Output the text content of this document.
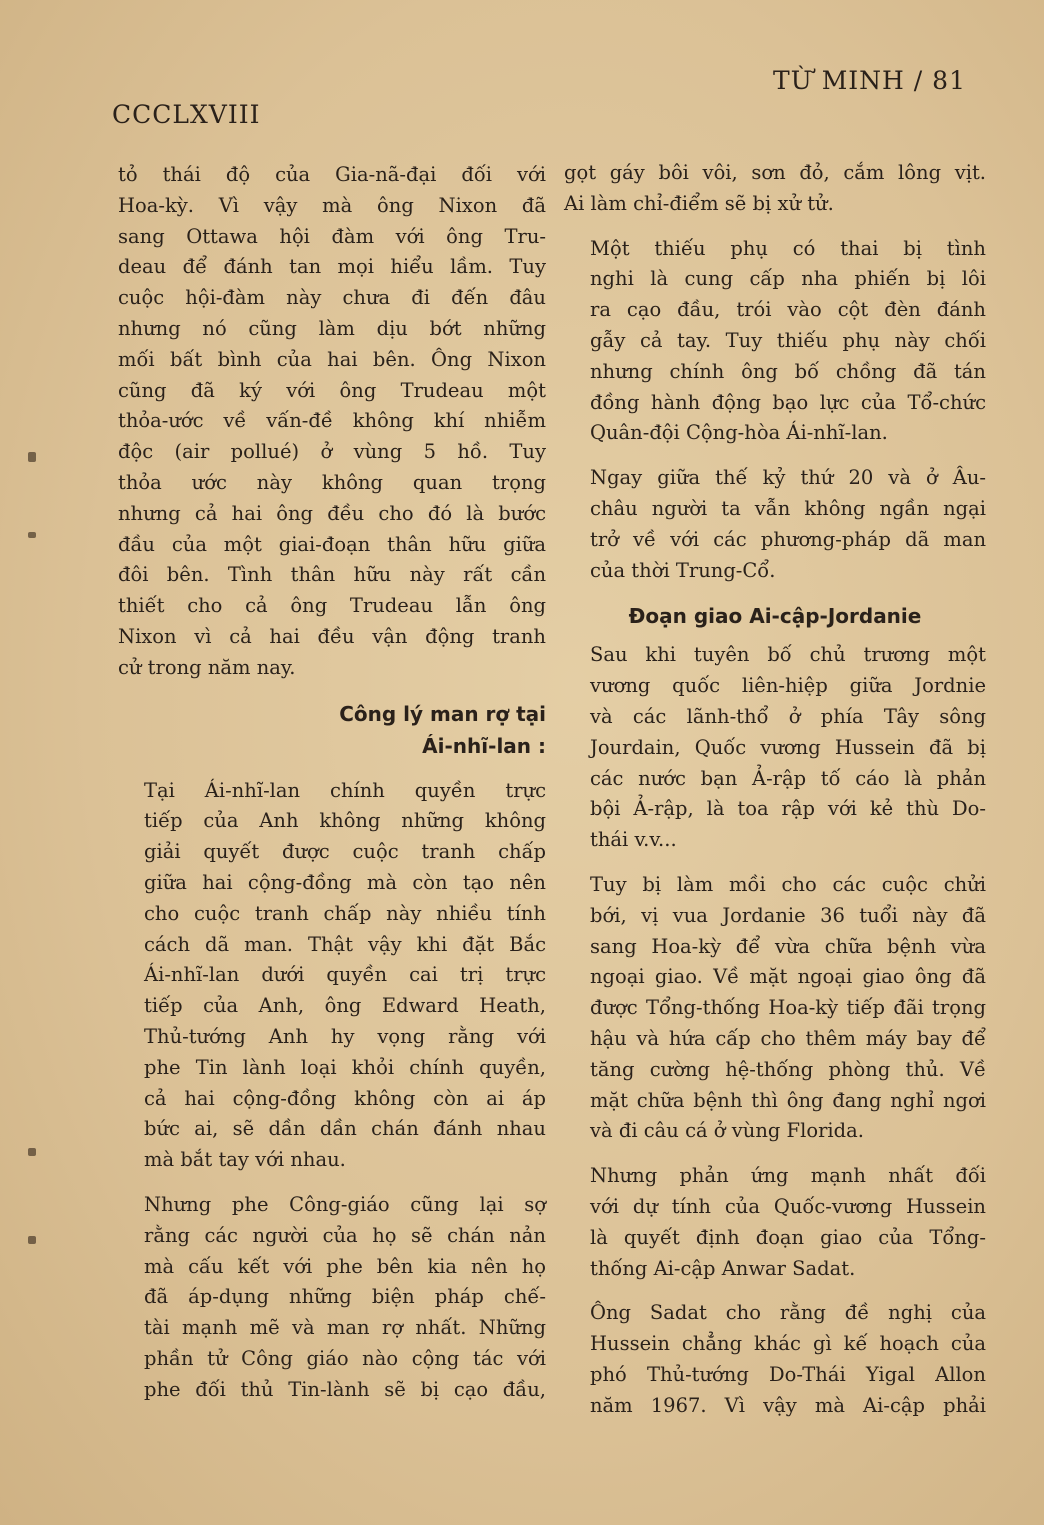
CCCLXVIII
TỪ MINH / 81

tỏ thái độ của Gia-nã-đại đối với
Hoa-kỳ. Vì vậy mà ông Nixon đã
sang Ottawa hội đàm với ông Tru-
deau để đánh tan mọi hiểu lầm. Tuy
cuộc hội-đàm này chưa đi đến đâu
nhưng nó cũng làm dịu bớt những
mối bất bình của hai bên. Ông Nixon
cũng đã ký với ông Trudeau một
thỏa-ước về vấn-đề không khí nhiễm
độc (air pollué) ở vùng 5 hồ. Tuy
thỏa ước này không quan trọng
nhưng cả hai ông đều cho đó là bước
đầu của một giai-đoạn thân hữu giữa
đôi bên. Tình thân hữu này rất cần
thiết cho cả ông Trudeau lẫn ông
Nixon vì cả hai đều vận động tranh
cử trong năm nay.

Công lý man rợ tại
Ái-nhĩ-lan :

Tại Ái-nhĩ-lan chính quyền trực
tiếp của Anh không những không
giải quyết được cuộc tranh chấp
giữa hai cộng-đồng mà còn tạo nên
cho cuộc tranh chấp này nhiều tính
cách dã man. Thật vậy khi đặt Bắc
Ái-nhĩ-lan dưới quyền cai trị trực
tiếp của Anh, ông Edward Heath,
Thủ-tướng Anh hy vọng rằng với
phe Tin lành loại khỏi chính quyền,
cả hai cộng-đồng không còn ai áp
bức ai, sẽ dần dần chán đánh nhau
mà bắt tay với nhau.

Nhưng phe Công-giáo cũng lại sợ
rằng các người của họ sẽ chán nản
mà cấu kết với phe bên kia nên họ
đã áp-dụng những biện pháp chế-
tài mạnh mẽ và man rợ nhất. Những
phần tử Công giáo nào cộng tác với
phe đối thủ Tin-lành sẽ bị cạo đầu,

gọt gáy bôi vôi, sơn đỏ, cắm lông vịt.
Ai làm chỉ-điểm sẽ bị xử tử.

Một thiếu phụ có thai bị tình
nghi là cung cấp nha phiến bị lôi
ra cạo đầu, trói vào cột đèn đánh
gẫy cả tay. Tuy thiếu phụ này chối
nhưng chính ông bố chồng đã tán
đồng hành động bạo lực của Tổ-chức
Quân-đội Cộng-hòa Ái-nhĩ-lan.

Ngay giữa thế kỷ thứ 20 và ở Âu-
châu người ta vẫn không ngần ngại
trở về với các phương-pháp dã man
của thời Trung-Cổ.

Đoạn giao Ai-cập-Jordanie

Sau khi tuyên bố chủ trương một
vương quốc liên-hiệp giữa Jordnie
và các lãnh-thổ ở phía Tây sông
Jourdain, Quốc vương Hussein đã bị
các nước bạn Ả-rập tố cáo là phản
bội Ả-rập, là toa rập với kẻ thù Do-
thái v.v...

Tuy bị làm mồi cho các cuộc chửi
bới, vị vua Jordanie 36 tuổi này đã
sang Hoa-kỳ để vừa chữa bệnh vừa
ngoại giao. Về mặt ngoại giao ông đã
được Tổng-thống Hoa-kỳ tiếp đãi trọng
hậu và hứa cấp cho thêm máy bay để
tăng cường hệ-thống phòng thủ. Về
mặt chữa bệnh thì ông đang nghỉ ngơi
và đi câu cá ở vùng Florida.

Nhưng phản ứng mạnh nhất đối
với dự tính của Quốc-vương Hussein
là quyết định đoạn giao của Tổng-
thống Ai-cập Anwar Sadat.

Ông Sadat cho rằng đề nghị của
Hussein chẳng khác gì kế hoạch của
phó Thủ-tướng Do-Thái Yigal Allon
năm 1967. Vì vậy mà Ai-cập phải
